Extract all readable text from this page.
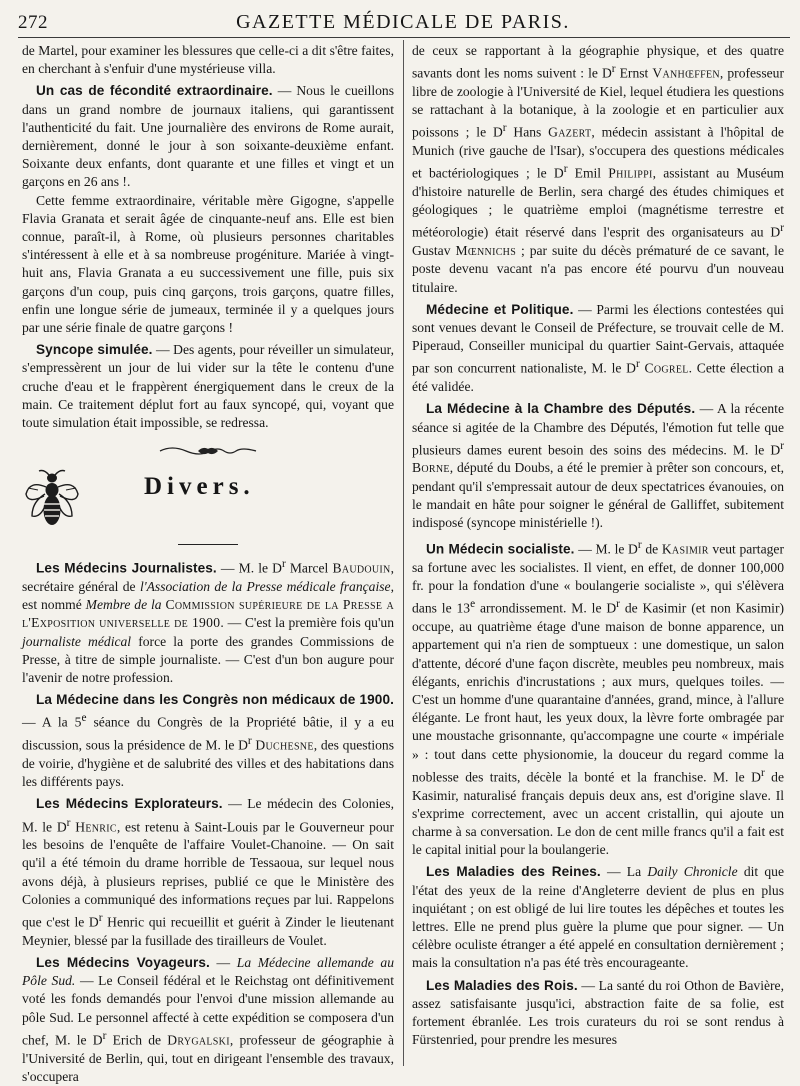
272	GAZETTE MÉDICALE DE PARIS.

de Martel, pour examiner les blessures que celle-ci a dit s'être faites, en cherchant à s'enfuir d'une mystérieuse villa.

Un cas de fécondité extraordinaire. — Nous le cueillons dans un grand nombre de journaux italiens, qui garantissent l'authenticité du fait. Une journalière des environs de Rome aurait, dernièrement, donné le jour à son soixante-deuxième enfant. Soixante deux enfants, dont quarante et une filles et vingt et un garçons en 26 ans !.

Cette femme extraordinaire, véritable mère Gigogne, s'appelle Flavia Granata et serait âgée de cinquante-neuf ans. Elle est bien connue, paraît-il, à Rome, où plusieurs personnes charitables s'intéressent à elle et à sa nombreuse progéniture. Mariée à vingt-huit ans, Flavia Granata a eu successivement une fille, puis six garçons d'un coup, puis cinq garçons, trois garçons, quatre filles, enfin une longue série de jumeaux, terminée il y a quelques jours par une série finale de quatre garçons !

Syncope simulée. — Des agents, pour réveiller un simulateur, s'empressèrent un jour de lui vider sur la tête le contenu d'une cruche d'eau et le frappèrent énergiquement dans le creux de la main. Ce traitement déplut fort au faux syncopé, qui, voyant que toute simulation était impossible, se redressa.

Divers.

Les Médecins Journalistes. — M. le $D^r$ Marcel Baudouin, secrétaire général de l'Association de la Presse médicale française, est nommé Membre de la Commission supérieure de la Presse a l'Exposition universelle de 1900. — C'est la première fois qu'un journaliste médical force la porte des grandes Commissions de Presse, à titre de simple journaliste. — C'est d'un bon augure pour l'avenir de notre profession.

La Médecine dans les Congrès non médicaux de 1900. — A la 5e séance du Congrès de la Propriété bâtie, il y a eu discussion, sous la présidence de M. le $D^r$ Duchesne, des questions de voirie, d'hygiène et de salubrité des villes et des habitations dans les différents pays.

Les Médecins Explorateurs. — Le médecin des Colonies, M. le $D^r$ Henric, est retenu à Saint-Louis par le Gouverneur pour les besoins de l'enquête de l'affaire Voulet-Chanoine. — On sait qu'il a été témoin du drame horrible de Tessaoua, sur lequel nous avons déjà, à plusieurs reprises, publié ce que le Ministère des Colonies a communiqué des informations reçues par lui. Rappelons que c'est le $D^r$ Henric qui recueillit et guérit à Zinder le lieutenant Meynier, blessé par la fusillade des tirailleurs de Voulet.

Les Médecins Voyageurs. — La Médecine allemande au Pôle Sud. — Le Conseil fédéral et le Reichstag ont définitivement voté les fonds demandés pour l'envoi d'une mission allemande au pôle Sud. Le personnel affecté à cette expédition se composera d'un chef, M. le $D^r$ Erich de Drygalski, professeur de géographie à l'Université de Berlin, qui, tout en dirigeant l'ensemble des travaux, s'occupera

de ceux se rapportant à la géographie physique, et des quatre savants dont les noms suivent : le $D^r$ Ernst Vanhœffen, professeur libre de zoologie à l'Université de Kiel, lequel étudiera les questions se rattachant à la botanique, à la zoologie et en particulier aux poissons ; le $D^r$ Hans Gazert, médecin assistant à l'hôpital de Munich (rive gauche de l'Isar), s'occupera des questions médicales et bactériologiques ; le $D^r$ Emil Philippi, assistant au Muséum d'histoire naturelle de Berlin, sera chargé des études chimiques et géologiques ; le quatrième emploi (magnétisme terrestre et météorologie) était réservé dans l'esprit des organisateurs au $D^r$ Gustav Mœnnichs ; par suite du décès prématuré de ce savant, le poste devenu vacant n'a pas encore été pourvu d'un nouveau titulaire.

Médecine et Politique. — Parmi les élections contestées qui sont venues devant le Conseil de Préfecture, se trouvait celle de M. Piperaud, Conseiller municipal du quartier Saint-Gervais, attaquée par son concurrent nationaliste, M. le $D^r$ Cogrel. Cette élection a été validée.

La Médecine à la Chambre des Députés. — A la récente séance si agitée de la Chambre des Députés, l'émotion fut telle que plusieurs dames eurent besoin des soins des médecins. M. le $D^r$ Borne, député du Doubs, a été le premier à prêter son concours, et, pendant qu'il s'empressait autour de deux spectatrices évanouies, on le mandait en hâte pour soigner le général de Galliffet, subitement indisposé (syncope ministérielle !).

Un Médecin socialiste. — M. le $D^r$ de Kasimir veut partager sa fortune avec les socialistes. Il vient, en effet, de donner 100,000 fr. pour la fondation d'une « boulangerie socialiste », qui s'élèvera dans le 13e arrondissement. M. le $D^r$ de Kasimir (et non Kasimir) occupe, au quatrième étage d'une maison de bonne apparence, un appartement qui n'a rien de somptueux : une domestique, un salon d'attente, décoré d'une façon discrète, meubles peu nombreux, mais élégants, enrichis d'incrustations ; aux murs, quelques toiles. — C'est un homme d'une quarantaine d'années, grand, mince, à l'allure élégante. Le front haut, les yeux doux, la lèvre forte ombragée par une moustache grisonnante, qu'accompagne une courte « impériale » : tout dans cette physionomie, la douceur du regard comme la noblesse des traits, décèle la bonté et la franchise. M. le $D^r$ de Kasimir, naturalisé français depuis deux ans, est d'origine slave. Il s'exprime correctement, avec un accent cristallin, qui ajoute un charme à sa conversation. Le don de cent mille francs qu'il a fait est le capital initial pour la boulangerie.

Les Maladies des Reines. — La Daily Chronicle dit que l'état des yeux de la reine d'Angleterre devient de plus en plus inquiétant ; on est obligé de lui lire toutes les dépêches et toutes les lettres. Elle ne prend plus guère la plume que pour signer. — Un célèbre oculiste étranger a été appelé en consultation dernièrement ; mais la consultation n'a pas été très encourageante.

Les Maladies des Rois. — La santé du roi Othon de Bavière, assez satisfaisante jusqu'ici, abstraction faite de sa folie, est fortement ébranlée. Les trois curateurs du roi se sont rendus à Fürstenried, pour prendre les mesures
